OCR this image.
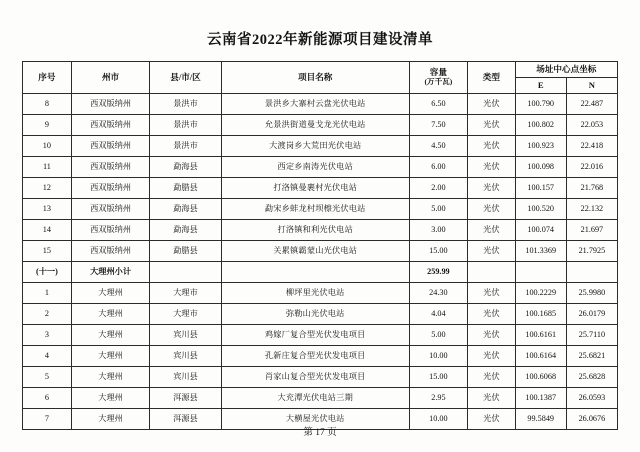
云南省2022年新能源项目建设清单
序号	州市	县/市/区	项目名称	容量
(万千瓦)	类型	场址中心点坐标	
						E	N
8	西双版纳州	景洪市	景洪乡大寨村云盘光伏电站	6.50	光伏	100.790	22.487
9	西双版纳州	景洪市	允景洪街道曼戈龙光伏电站	7.50	光伏	100.802	22.053
10	西双版纳州	景洪市	大渡岗乡大荒田光伏电站	4.50	光伏	100.923	22.418
11	西双版纳州	勐海县	西定乡南涛光伏电站	6.00	光伏	100.098	22.016
12	西双版纳州	勐腊县	打洛镇曼裹村光伏电站	2.00	光伏	100.157	21.768
13	西双版纳州	勐海县	勐宋乡蚌龙村坝檫光伏电站	5.00	光伏	100.520	22.132
14	西双版纳州	勐海县	打洛镇和利光伏电站	3.00	光伏	100.074	21.697
15	西双版纳州	勐腊县	关累镇霸蒙山光伏电站	15.00	光伏	101.3369	21.7925
(十一)	大理州小计			259.99			
1	大理州	大理市	柳坪里光伏电站	24.30	光伏	100.2229	25.9980
2	大理州	大理市	弥勒山光伏电站	4.04	光伏	100.1685	26.0179
3	大理州	宾川县	鸡嫁厂复合型光伏发电项目	5.00	光伏	100.6161	25.7110
4	大理州	宾川县	孔新庄复合型光伏发电项目	10.00	光伏	100.6164	25.6821
5	大理州	宾川县	肖家山复合型光伏发电项目	15.00	光伏	100.6068	25.6828
6	大理州	洱源县	大充潭光伏电站三期	2.95	光伏	100.1387	26.0593
7	大理州	洱源县	大横屋光伏电站	10.00	光伏	99.5849	26.0676
第 17 页
